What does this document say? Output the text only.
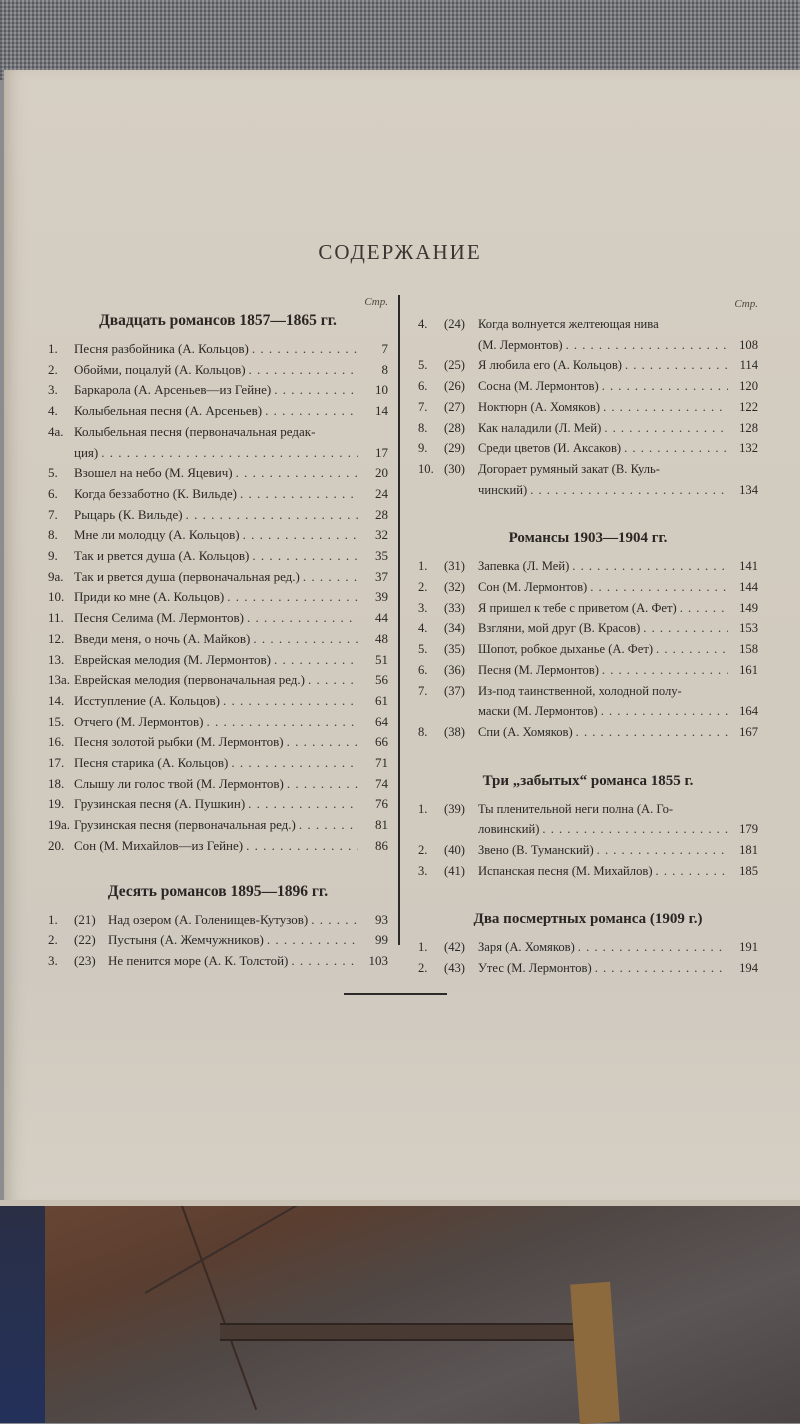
СОДЕРЖАНИЕ
Стр.
Двадцать романсов 1857—1865 гг.
1.	Песня разбойника (А. Кольцов) . . .	7
2.	Обойми, поцалуй (А. Кольцов) . . .	8
3.	Баркарола (А. Арсеньев—из Гейне) . . .	10
4.	Колыбельная песня (А. Арсеньев) . . .	14
4а. Колыбельная песня (первоначальная редак-
ция) . . .	17
5.	Взошел на небо (М. Яцевич) . . .	20
6.	Когда беззаботно (К. Вильде) . . .	24
7.	Рыцарь (К. Вильде) . . .	28
8.	Мне ли молодцу (А. Кольцов) . . .	32
9.	Так и рвется душа (А. Кольцов) . . .	35
9а. Так и рвется душа (первоначальная ред.) . . .	37
10. Приди ко мне (А. Кольцов) . . .	39
11. Песня Селима (М. Лермонтов) . . .	44
12. Введи меня, о ночь (А. Майков) . . .	48
13. Еврейская мелодия (М. Лермонтов) . . .	51
13а. Еврейская мелодия (первоначальная ред.) . . .	56
14. Исступление (А. Кольцов) . . .	61
15. Отчего (М. Лермонтов) . . .	64
16. Песня золотой рыбки (М. Лермонтов) . . .	66
17. Песня старика (А. Кольцов) . . .	71
18. Слышу ли голос твой (М. Лермонтов) . . .	74
19. Грузинская песня (А. Пушкин) . . .	76
19а. Грузинская песня (первоначальная ред.) . . .	81
20. Сон (М. Михайлов—из Гейне) . . .	86
Десять романсов 1895—1896 гг.
1.	(21) Над озером (А. Голенищев-Кутузов) . . .	93
2.	(22) Пустыня (А. Жемчужников) . . .	99
3.	(23) Не пенится море (А. К. Толстой) . . .	103
Стр.
4.	(24)	Когда волнуется желтеющая нива
(М. Лермонтов) . . .	108
5.	(25)	Я любила его (А. Кольцов) . . .	114
6.	(26)	Сосна (М. Лермонтов) . . .	120
7.	(27)	Ноктюрн (А. Хомяков) . . .	122
8.	(28)	Как наладили (Л. Мей) . . .	128
9.	(29)	Среди цветов (И. Аксаков) . . .	132
10. (30)	Догорает румяный закат (В. Куль-
чинский) . . .	134
Романсы 1903—1904 гг.
1.	(31)	Запевка (Л. Мей) . . .	141
2.	(32)	Сон (М. Лермонтов) . . .	144
3.	(33)	Я пришел к тебе с приветом (А. Фет) . . .	149
4.	(34)	Взгляни, мой друг (В. Красов) . . .	153
5.	(35)	Шопот, робкое дыханье (А. Фет) . . .	158
6.	(36)	Песня (М. Лермонтов) . . .	161
7.	(37)	Из-под таинственной, холодной полу-
маски (М. Лермонтов) . . .	164
8.	(38)	Спи (А. Хомяков) . . .	167
Три „забытых“ романса 1855 г.
1.	(39)	Ты пленительной неги полна (А. Го-
ловинский) . . .	179
2.	(40)	Звено (В. Туманский) . . .	181
3.	(41)	Испанская песня (М. Михайлов) . . .	185
Два посмертных романса (1909 г.)
1.	(42)	Заря (А. Хомяков) . . .	191
2.	(43)	Утес (М. Лермонтов) . . .	194
